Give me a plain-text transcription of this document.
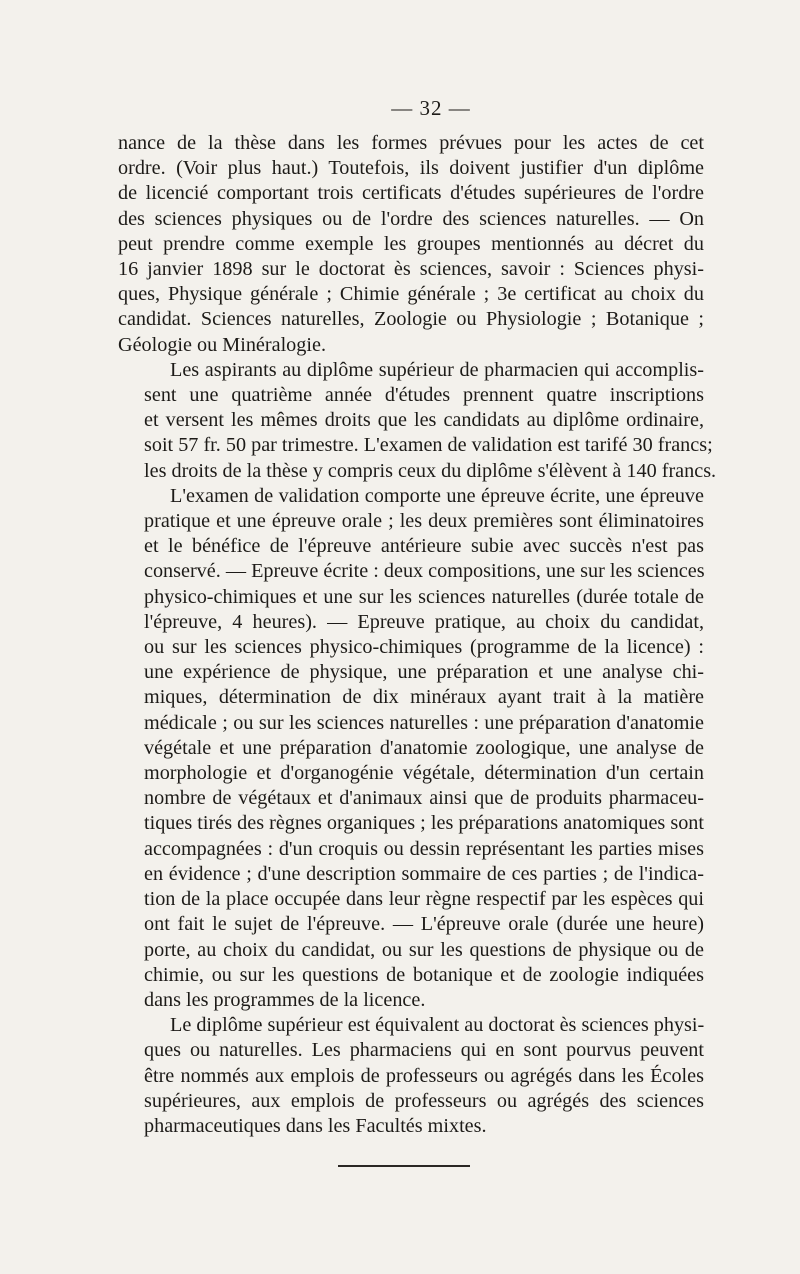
— 32 —

nance de la thèse dans les formes prévues pour les actes de cet
ordre. (Voir plus haut.) Toutefois, ils doivent justifier d'un diplôme
de licencié comportant trois certificats d'études supérieures de l'ordre
des sciences physiques ou de l'ordre des sciences naturelles. — On
peut prendre comme exemple les groupes mentionnés au décret du
16 janvier 1898 sur le doctorat ès sciences, savoir : Sciences physi-
ques, Physique générale ; Chimie générale ; 3e certificat au choix du
candidat. Sciences naturelles, Zoologie ou Physiologie ; Botanique ;
Géologie ou Minéralogie.

Les aspirants au diplôme supérieur de pharmacien qui accomplis-
sent une quatrième année d'études prennent quatre inscriptions
et versent les mêmes droits que les candidats au diplôme ordinaire,
soit 57 fr. 50 par trimestre. L'examen de validation est tarifé 30 francs;
les droits de la thèse y compris ceux du diplôme s'élèvent à 140 francs.

L'examen de validation comporte une épreuve écrite, une épreuve
pratique et une épreuve orale ; les deux premières sont éliminatoires
et le bénéfice de l'épreuve antérieure subie avec succès n'est pas
conservé. — Epreuve écrite : deux compositions, une sur les sciences
physico-chimiques et une sur les sciences naturelles (durée totale de
l'épreuve, 4 heures). — Epreuve pratique, au choix du candidat,
ou sur les sciences physico-chimiques (programme de la licence) :
une expérience de physique, une préparation et une analyse chi-
miques, détermination de dix minéraux ayant trait à la matière
médicale ; ou sur les sciences naturelles : une préparation d'anatomie
végétale et une préparation d'anatomie zoologique, une analyse de
morphologie et d'organogénie végétale, détermination d'un certain
nombre de végétaux et d'animaux ainsi que de produits pharmaceu-
tiques tirés des règnes organiques ; les préparations anatomiques sont
accompagnées : d'un croquis ou dessin représentant les parties mises
en évidence ; d'une description sommaire de ces parties ; de l'indica-
tion de la place occupée dans leur règne respectif par les espèces qui
ont fait le sujet de l'épreuve. — L'épreuve orale (durée une heure)
porte, au choix du candidat, ou sur les questions de physique ou de
chimie, ou sur les questions de botanique et de zoologie indiquées
dans les programmes de la licence.

Le diplôme supérieur est équivalent au doctorat ès sciences physi-
ques ou naturelles. Les pharmaciens qui en sont pourvus peuvent
être nommés aux emplois de professeurs ou agrégés dans les Écoles
supérieures, aux emplois de professeurs ou agrégés des sciences
pharmaceutiques dans les Facultés mixtes.
